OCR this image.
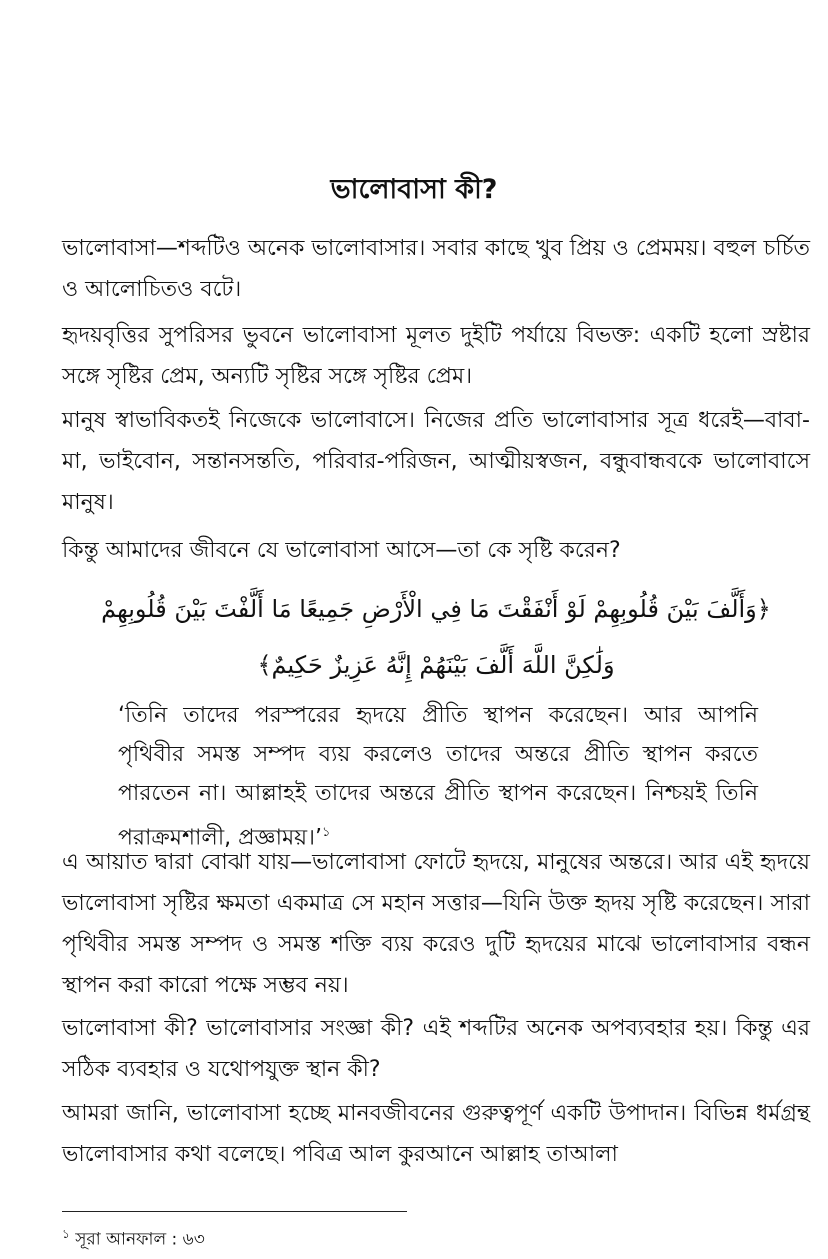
ভালোবাসা কী?
ভালোবাসা—শব্দটিও অনেক ভালোবাসার। সবার কাছে খুব প্রিয় ও প্রেমময়। বহুল চর্চিত ও আলোচিতও বটে।
হৃদয়বৃত্তির সুপরিসর ভুবনে ভালোবাসা মূলত দুইটি পর্যায়ে বিভক্ত: একটি হলো স্রষ্টার সঙ্গে সৃষ্টির প্রেম, অন্যটি সৃষ্টির সঙ্গে সৃষ্টির প্রেম।
মানুষ স্বাভাবিকতই নিজেকে ভালোবাসে। নিজের প্রতি ভালোবাসার সূত্র ধরেই—বাবা-মা, ভাইবোন, সন্তানসন্ততি, পরিবার-পরিজন, আত্মীয়স্বজন, বন্ধুবান্ধবকে ভালোবাসে মানুষ।
কিন্তু আমাদের জীবনে যে ভালোবাসা আসে—তা কে সৃষ্টি করেন?
﴿وَأَلَّفَ بَيْنَ قُلُوبِهِمْ لَوْ أَنْفَقْتَ مَا فِي الْأَرْضِ جَمِيعًا مَا أَلَّفْتَ بَيْنَ قُلُوبِهِمْ
وَلَٰكِنَّ اللَّهَ أَلَّفَ بَيْنَهُمْ إِنَّهُ عَزِيزٌ حَكِيمٌ﴾
‘তিনি তাদের পরস্পরের হৃদয়ে প্রীতি স্থাপন করেছেন। আর আপনি পৃথিবীর সমস্ত সম্পদ ব্যয় করলেও তাদের অন্তরে প্রীতি স্থাপন করতে পারতেন না। আল্লাহই তাদের অন্তরে প্রীতি স্থাপন করেছেন। নিশ্চয়ই তিনি পরাক্রমশালী, প্রজ্ঞাময়।’$^১$
এ আয়াত দ্বারা বোঝা যায়—ভালোবাসা ফোটে হৃদয়ে, মানুষের অন্তরে। আর এই হৃদয়ে ভালোবাসা সৃষ্টির ক্ষমতা একমাত্র সে মহান সত্তার—যিনি উক্ত হৃদয় সৃষ্টি করেছেন। সারা পৃথিবীর সমস্ত সম্পদ ও সমস্ত শক্তি ব্যয় করেও দুটি হৃদয়ের মাঝে ভালোবাসার বন্ধন স্থাপন করা কারো পক্ষে সম্ভব নয়।
ভালোবাসা কী? ভালোবাসার সংজ্ঞা কী? এই শব্দটির অনেক অপব্যবহার হয়। কিন্তু এর সঠিক ব্যবহার ও যথোপযুক্ত স্থান কী?
আমরা জানি, ভালোবাসা হচ্ছে মানবজীবনের গুরুত্বপূর্ণ একটি উপাদান। বিভিন্ন ধর্মগ্রন্থ ভালোবাসার কথা বলেছে। পবিত্র আল কুরআনে আল্লাহ তাআলা
$^১$ সূরা আনফাল : ৬৩
